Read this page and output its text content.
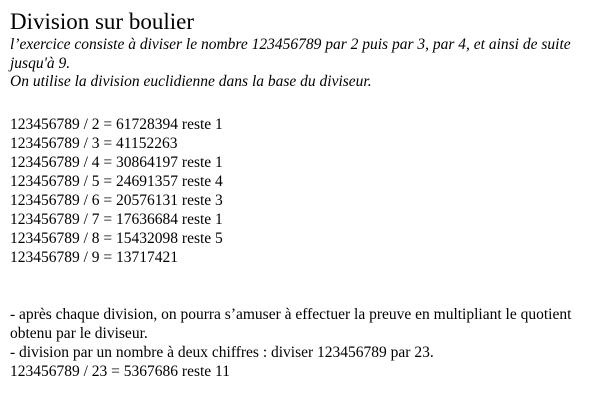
Division sur boulier

l’exercice consiste à diviser le nombre 123456789 par 2 puis par 3, par 4, et ainsi de suite jusqu'à 9.

On utilise la division euclidienne dans la base du diviseur.

123456789 / 2 = 61728394 reste 1
123456789 / 3 = 41152263
123456789 / 4 = 30864197 reste 1
123456789 / 5 = 24691357 reste 4
123456789 / 6 = 20576131 reste 3
123456789 / 7 = 17636684 reste 1
123456789 / 8 = 15432098 reste 5
123456789 / 9 = 13717421

- après chaque division, on pourra s’amuser à effectuer la preuve en multipliant le quotient obtenu par le diviseur.

- division par un nombre à deux chiffres : diviser 123456789 par 23.

123456789 / 23 = 5367686 reste 11
